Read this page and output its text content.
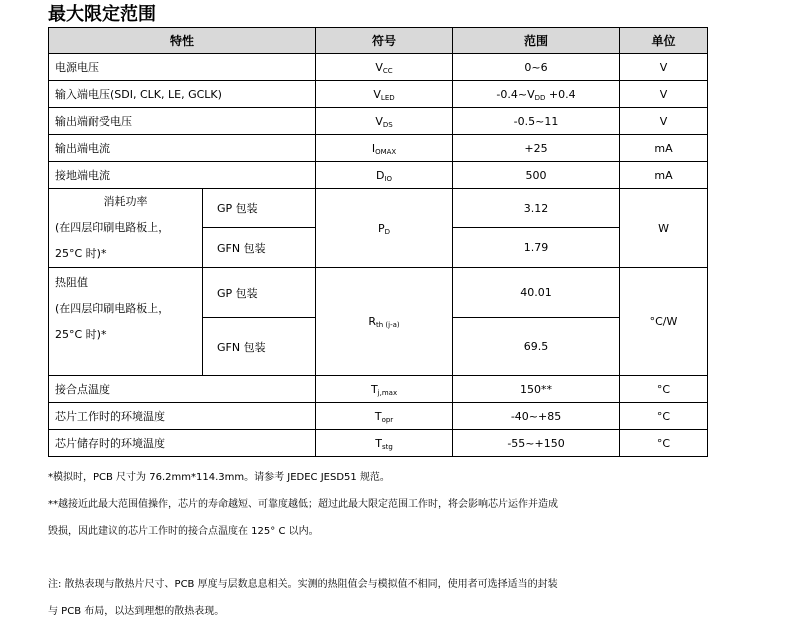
最大限定范围
特性		符号	范围	单位
电源电压		VCC	0~6	V
输入端电压(SDI, CLK, LE, GCLK)		VLED	-0.4~VDD +0.4	V
输出端耐受电压		VDS	-0.5~11	V
输出端电流		IOMAX	+25	mA
接地端电流		DIO	500	mA

消耗功率
(在四层印刷电路板上，
25°C 时)*	GP 包装	PD	3.12	W
	GFN 包装		1.79	

热阻值
(在四层印刷电路板上，
25°C 时)*	GP 包装	Rth (j-a)	40.01	°C/W
	GFN 包装		69.5	
接合点温度		Tj,max	150**	°C
芯片工作时的环境温度		Topr	-40~+85	°C
芯片储存时的环境温度		Tstg	-55~+150	°C
*模拟时，PCB 尺寸为 76.2mm*114.3mm。请参考 JEDEC JESD51 规范。
**越接近此最大范围值操作，芯片的寿命越短、可靠度越低；超过此最大限定范围工作时，将会影响芯片运作并造成
毁损，因此建议的芯片工作时的接合点温度在 125° C 以内。
注: 散热表现与散热片尺寸、PCB 厚度与层数息息相关。实测的热阻值会与模拟值不相同，使用者可选择适当的封装
与 PCB 布局，以达到理想的散热表现。
